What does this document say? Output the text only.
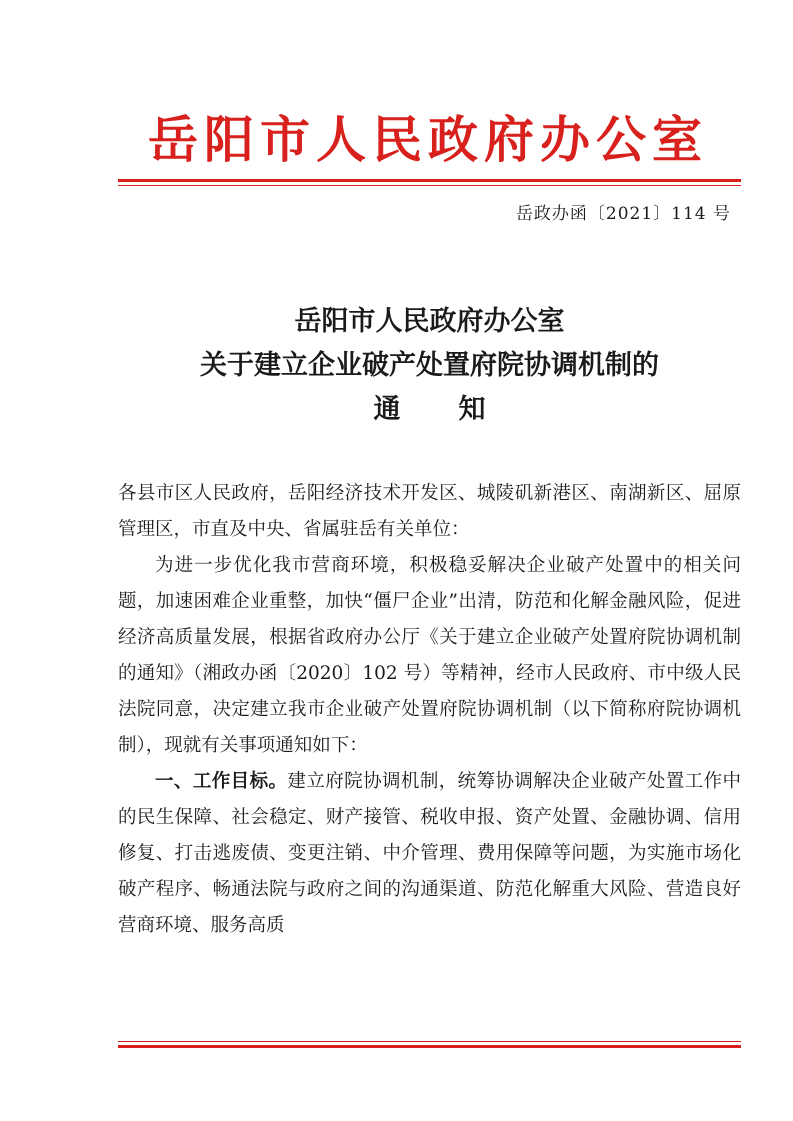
岳阳市人民政府办公室
岳政办函〔2021〕114 号
岳阳市人民政府办公室
关于建立企业破产处置府院协调机制的
通知

各县市区人民政府，岳阳经济技术开发区、城陵矶新港区、南湖新区、屈原管理区，市直及中央、省属驻岳有关单位：

为进一步优化我市营商环境，积极稳妥解决企业破产处置中的相关问题，加速困难企业重整，加快“僵尸企业”出清，防范和化解金融风险，促进经济高质量发展，根据省政府办公厅《关于建立企业破产处置府院协调机制的通知》（湘政办函〔2020〕102 号）等精神，经市人民政府、市中级人民法院同意，决定建立我市企业破产处置府院协调机制（以下简称府院协调机制），现就有关事项通知如下：

一、工作目标。建立府院协调机制，统筹协调解决企业破产处置工作中的民生保障、社会稳定、财产接管、税收申报、资产处置、金融协调、信用修复、打击逃废债、变更注销、中介管理、费用保障等问题，为实施市场化破产程序、畅通法院与政府之间的沟通渠道、防范化解重大风险、营造良好营商环境、服务高质
